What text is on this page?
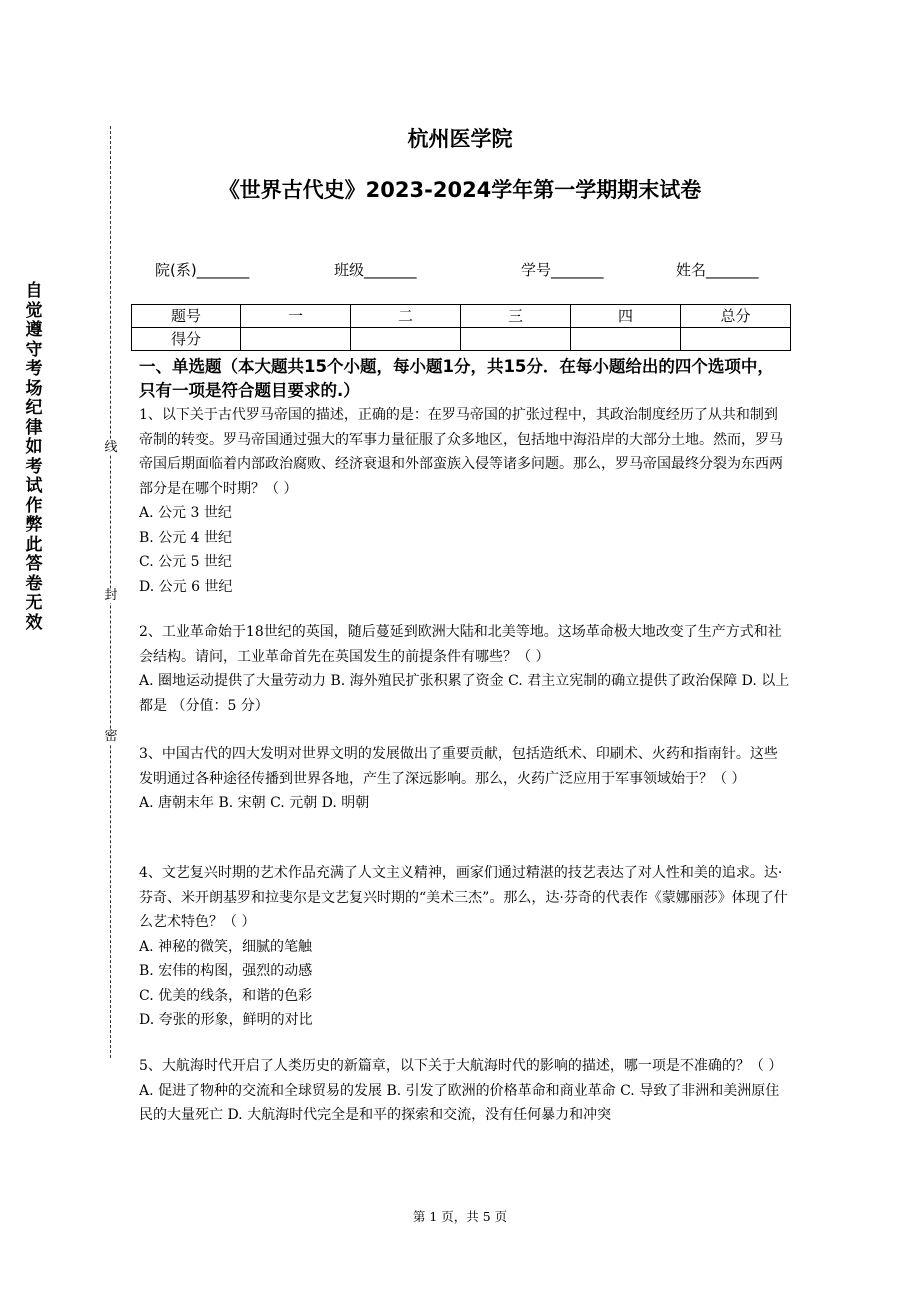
自觉遵守考场纪律如考试作弊此答卷无效
线
封
密
杭州医学院
《世界古代史》2023-2024学年第一学期期末试卷
院(系)_______	班级_______	学号_______	姓名_______
题号	一	二	三	四	总分
得分					
一、单选题（本大题共15个小题，每小题1分，共15分．在每小题给出的四个选项中，只有一项是符合题目要求的.）

1、以下关于古代罗马帝国的描述，正确的是：在罗马帝国的扩张过程中，其政治制度经历了从共和制到帝制的转变。罗马帝国通过强大的军事力量征服了众多地区，包括地中海沿岸的大部分土地。然而，罗马帝国后期面临着内部政治腐败、经济衰退和外部蛮族入侵等诸多问题。那么，罗马帝国最终分裂为东西两部分是在哪个时期？（ ）

A. 公元 3 世纪

B. 公元 4 世纪

C. 公元 5 世纪

D. 公元 6 世纪

2、工业革命始于18世纪的英国，随后蔓延到欧洲大陆和北美等地。这场革命极大地改变了生产方式和社会结构。请问，工业革命首先在英国发生的前提条件有哪些？（ ）

A. 圈地运动提供了大量劳动力 B. 海外殖民扩张积累了资金 C. 君主立宪制的确立提供了政治保障 D. 以上都是 （分值：5 分）

3、中国古代的四大发明对世界文明的发展做出了重要贡献，包括造纸术、印刷术、火药和指南针。这些发明通过各种途径传播到世界各地，产生了深远影响。那么，火药广泛应用于军事领域始于？（ ）

A. 唐朝末年 B. 宋朝 C. 元朝 D. 明朝

4、文艺复兴时期的艺术作品充满了人文主义精神，画家们通过精湛的技艺表达了对人性和美的追求。达·芬奇、米开朗基罗和拉斐尔是文艺复兴时期的“美术三杰”。那么，达·芬奇的代表作《蒙娜丽莎》体现了什么艺术特色？（ ）

A. 神秘的微笑，细腻的笔触

B. 宏伟的构图，强烈的动感

C. 优美的线条，和谐的色彩

D. 夸张的形象，鲜明的对比

5、大航海时代开启了人类历史的新篇章，以下关于大航海时代的影响的描述，哪一项是不准确的？（ ）

A. 促进了物种的交流和全球贸易的发展 B. 引发了欧洲的价格革命和商业革命 C. 导致了非洲和美洲原住民的大量死亡 D. 大航海时代完全是和平的探索和交流，没有任何暴力和冲突

第 1 页，共 5 页
